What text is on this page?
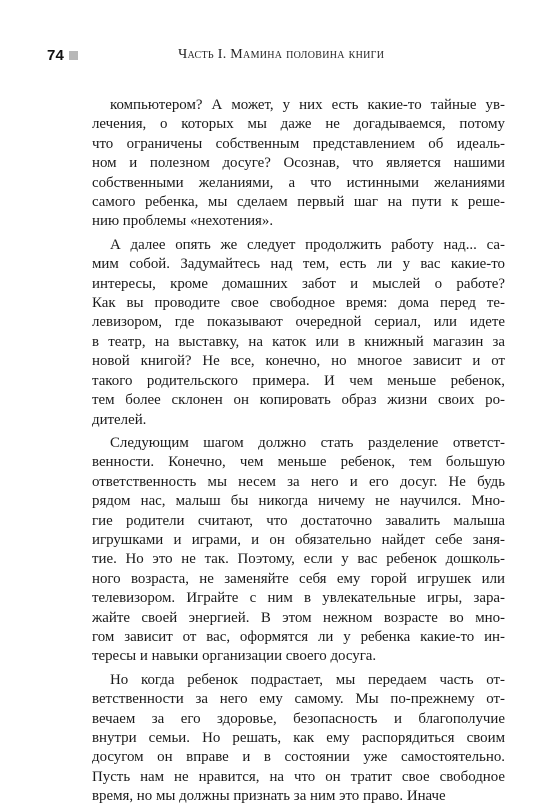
74	Часть I. Мамина половина книги
компьютером? А может, у них есть какие-то тайные ув-
лечения, о которых мы даже не догадываемся, потому
что ограничены собственным представлением об идеаль-
ном и полезном досуге? Осознав, что является нашими
собственными желаниями, а что истинными желаниями
самого ребенка, мы сделаем первый шаг на пути к реше-
нию проблемы «нехотения».
А далее опять же следует продолжить работу над... са-
мим собой. Задумайтесь над тем, есть ли у вас какие-то
интересы, кроме домашних забот и мыслей о работе?
Как вы проводите свое свободное время: дома перед те-
левизором, где показывают очередной сериал, или идете
в театр, на выставку, на каток или в книжный магазин за
новой книгой? Не все, конечно, но многое зависит и от
такого родительского примера. И чем меньше ребенок,
тем более склонен он копировать образ жизни своих ро-
дителей.
Следующим шагом должно стать разделение ответст-
венности. Конечно, чем меньше ребенок, тем большую
ответственность мы несем за него и его досуг. Не будь
рядом нас, малыш бы никогда ничему не научился. Мно-
гие родители считают, что достаточно завалить малыша
игрушками и играми, и он обязательно найдет себе заня-
тие. Но это не так. Поэтому, если у вас ребенок дошколь-
ного возраста, не заменяйте себя ему горой игрушек или
телевизором. Играйте с ним в увлекательные игры, зара-
жайте своей энергией. В этом нежном возрасте во мно-
гом зависит от вас, оформятся ли у ребенка какие-то ин-
тересы и навыки организации своего досуга.
Но когда ребенок подрастает, мы передаем часть от-
ветственности за него ему самому. Мы по-прежнему от-
вечаем за его здоровье, безопасность и благополучие
внутри семьи. Но решать, как ему распорядиться своим
досугом он вправе и в состоянии уже самостоятельно.
Пусть нам не нравится, на что он тратит свое свободное
время, но мы должны признать за ним это право. Иначе
